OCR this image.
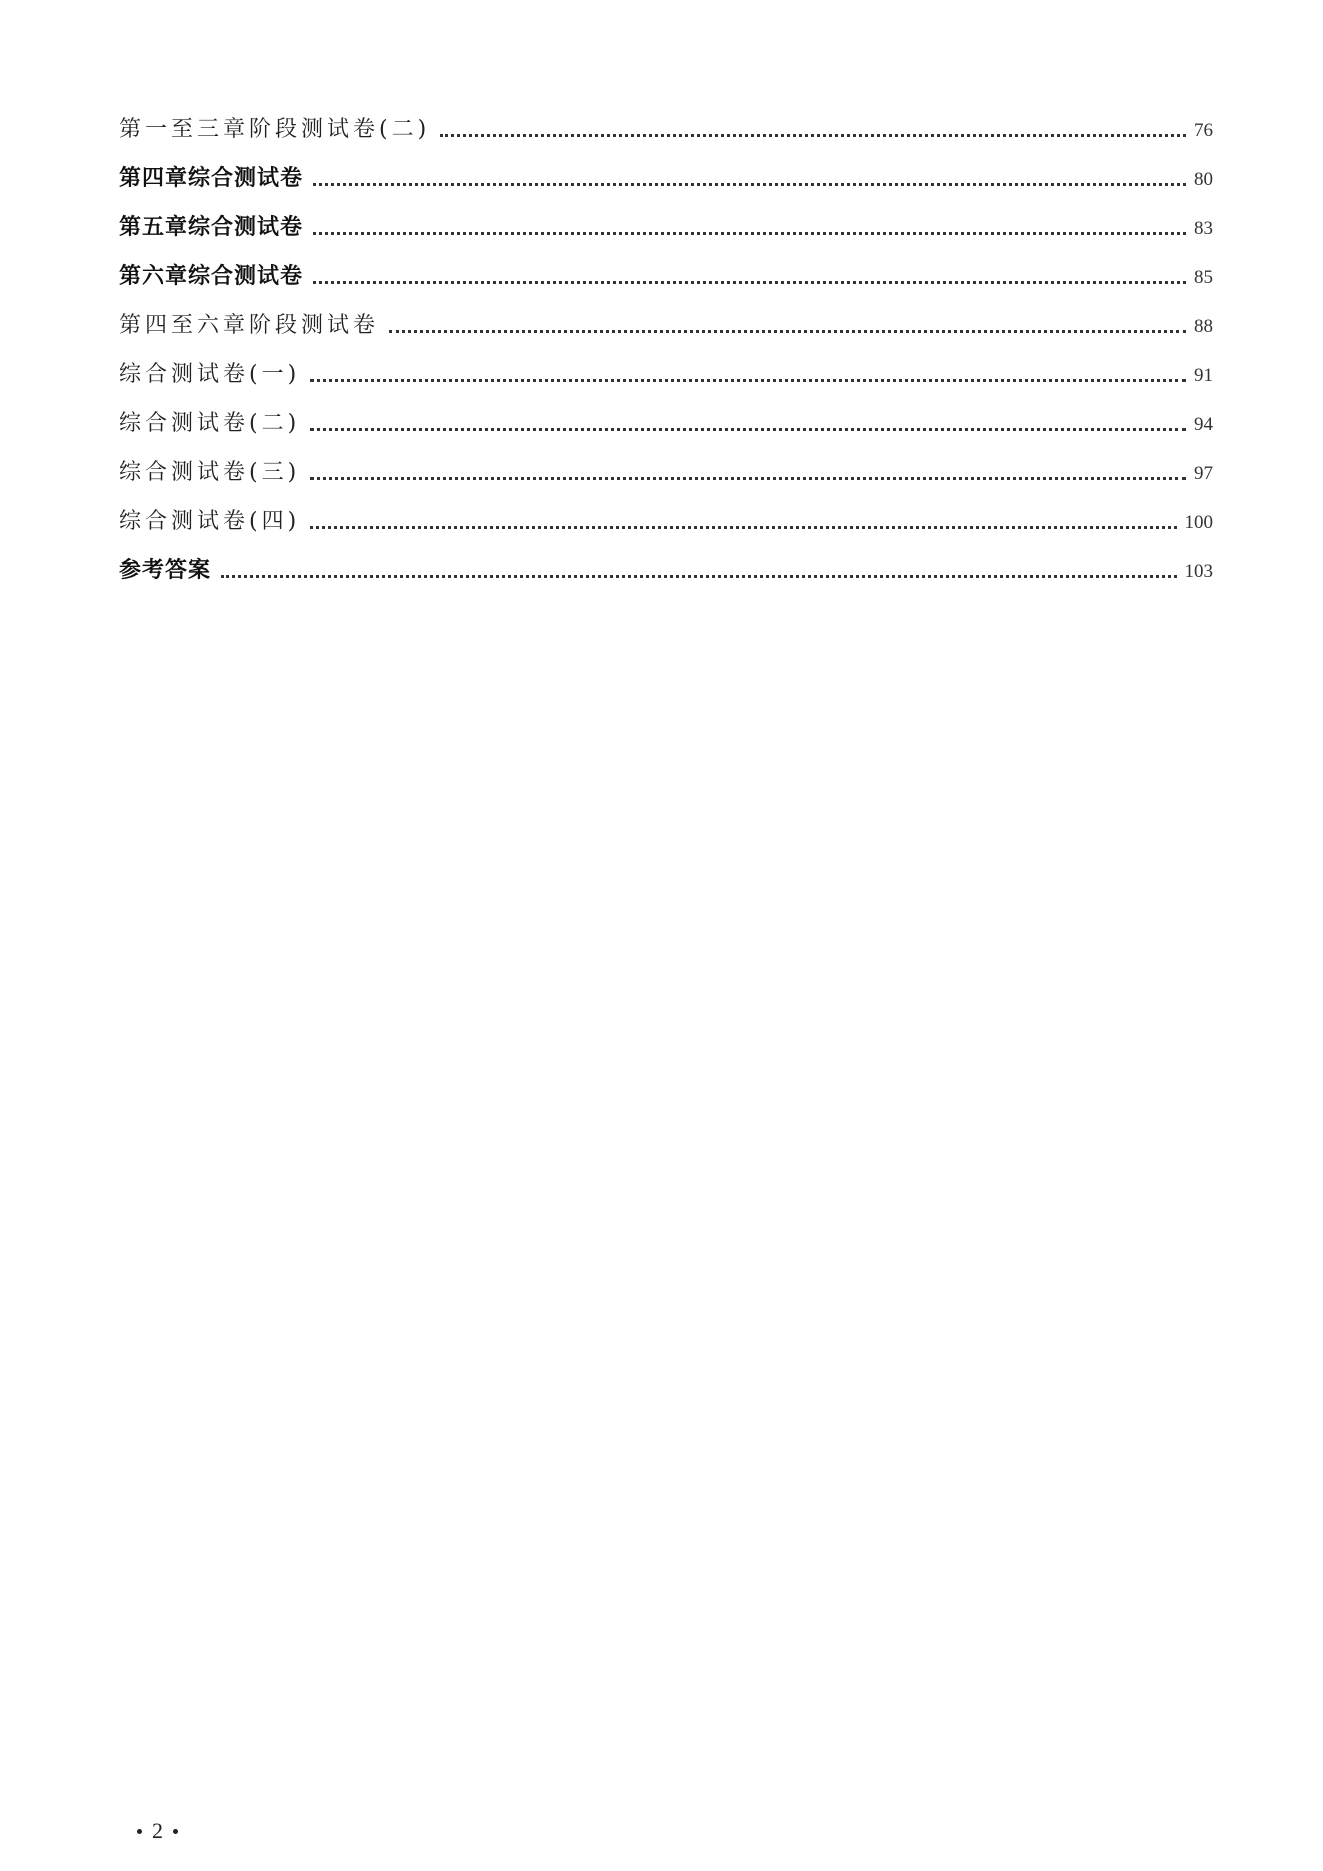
第一至三章阶段测试卷(二)	76
第四章综合测试卷	80
第五章综合测试卷	83
第六章综合测试卷	85
第四至六章阶段测试卷	88
综合测试卷(一)	91
综合测试卷(二)	94
综合测试卷(三)	97
综合测试卷(四)	100
参考答案	103
2
